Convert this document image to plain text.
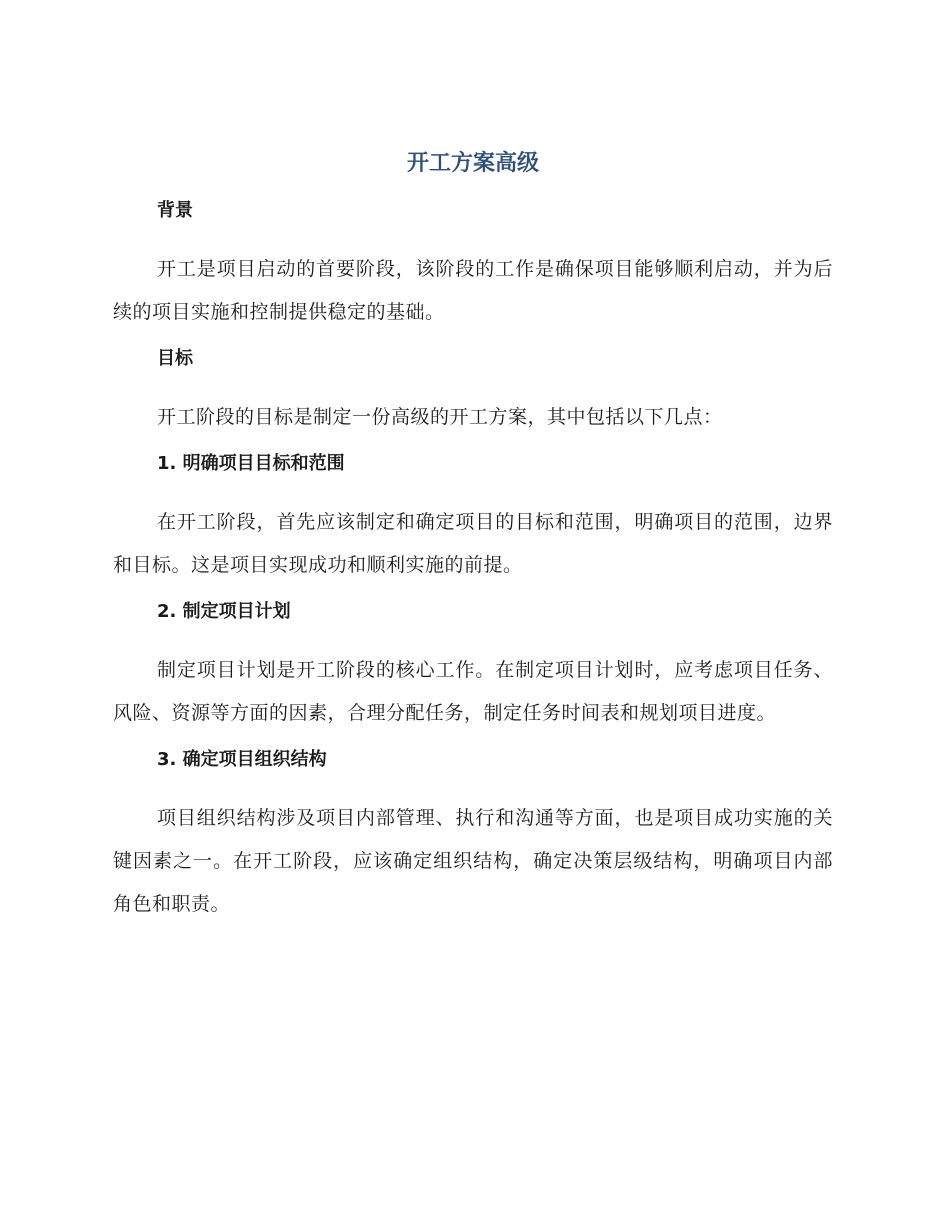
开工方案高级
背景

开工是项目启动的首要阶段，该阶段的工作是确保项目能够顺利启动，并为后续的项目实施和控制提供稳定的基础。

目标

开工阶段的目标是制定一份高级的开工方案，其中包括以下几点：

1. 明确项目目标和范围

在开工阶段，首先应该制定和确定项目的目标和范围，明确项目的范围，边界和目标。这是项目实现成功和顺利实施的前提。

2. 制定项目计划

制定项目计划是开工阶段的核心工作。在制定项目计划时，应考虑项目任务、风险、资源等方面的因素，合理分配任务，制定任务时间表和规划项目进度。

3. 确定项目组织结构

项目组织结构涉及项目内部管理、执行和沟通等方面，也是项目成功实施的关键因素之一。在开工阶段，应该确定组织结构，确定决策层级结构，明确项目内部角色和职责。
